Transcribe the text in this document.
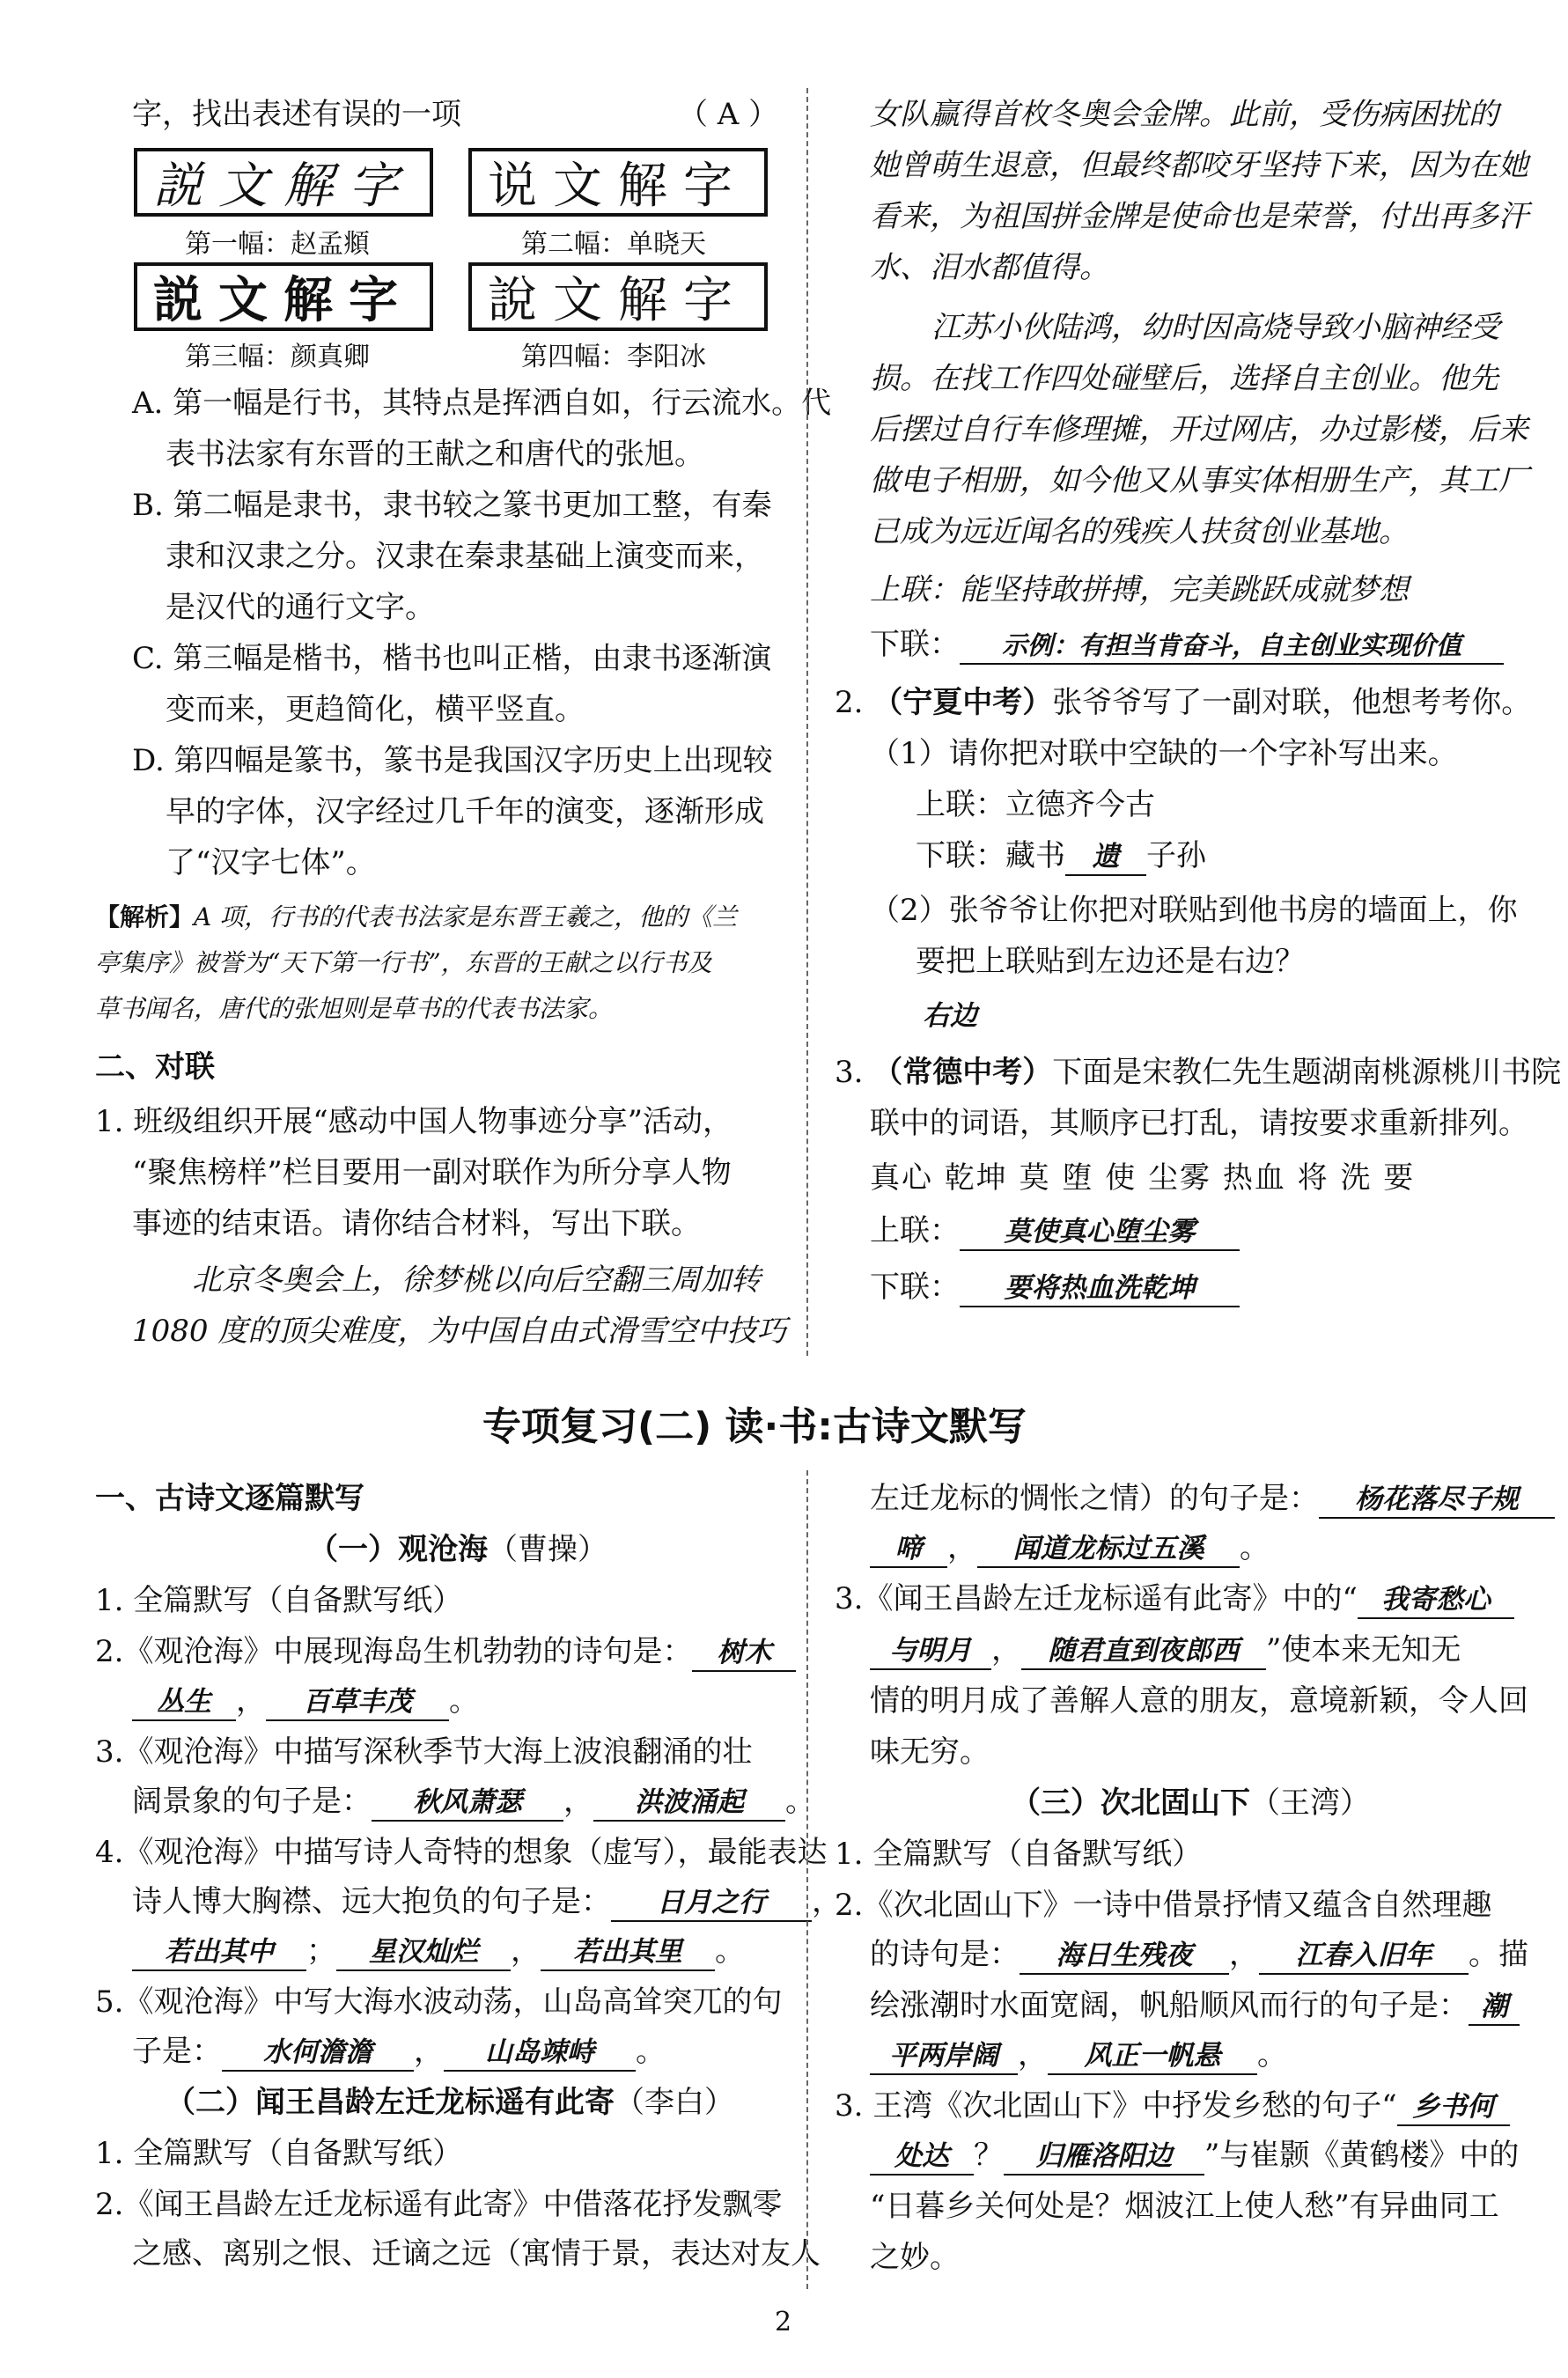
字，找出表述有误的一项	（ A ）
説文解字
第一幅：赵孟頫
说文解字
第二幅：单晓天
説文解字
第三幅：颜真卿
說文解字
第四幅：李阳冰
A. 第一幅是行书，其特点是挥洒自如，行云流水。代
表书法家有东晋的王献之和唐代的张旭。
B. 第二幅是隶书，隶书较之篆书更加工整，有秦
隶和汉隶之分。汉隶在秦隶基础上演变而来，
是汉代的通行文字。
C. 第三幅是楷书，楷书也叫正楷，由隶书逐渐演
变而来，更趋简化，横平竖直。
D. 第四幅是篆书，篆书是我国汉字历史上出现较
早的字体，汉字经过几千年的演变，逐渐形成
了“汉字七体”。
【解析】A 项，行书的代表书法家是东晋王羲之，他的《兰
亭集序》被誉为“天下第一行书”，东晋的王献之以行书及
草书闻名，唐代的张旭则是草书的代表书法家。
二、对联
1. 班级组织开展“感动中国人物事迹分享”活动，
“聚焦榜样”栏目要用一副对联作为所分享人物
事迹的结束语。请你结合材料，写出下联。
北京冬奥会上，徐梦桃以向后空翻三周加转
1080 度的顶尖难度，为中国自由式滑雪空中技巧
女队赢得首枚冬奥会金牌。此前，受伤病困扰的
她曾萌生退意，但最终都咬牙坚持下来，因为在她
看来，为祖国拼金牌是使命也是荣誉，付出再多汗
水、泪水都值得。
江苏小伙陆鸿，幼时因高烧导致小脑神经受
损。在找工作四处碰壁后，选择自主创业。他先
后摆过自行车修理摊，开过网店，办过影楼，后来
做电子相册，如今他又从事实体相册生产，其工厂
已成为远近闻名的残疾人扶贫创业基地。
上联：能坚持敢拼搏，完美跳跃成就梦想
下联： 示例：有担当肯奋斗，自主创业实现价值
2. （宁夏中考）张爷爷写了一副对联，他想考考你。
（1）请你把对联中空缺的一个字补写出来。
上联：立德齐今古
下联：藏书 遗 子孙
（2）张爷爷让你把对联贴到他书房的墙面上，你
要把上联贴到左边还是右边？
右边
3. （常德中考）下面是宋教仁先生题湖南桃源桃川书院
联中的词语，其顺序已打乱，请按要求重新排列。
真心 乾坤 莫 堕 使 尘雾 热血 将 洗 要
上联： 莫使真心堕尘雾
下联： 要将热血洗乾坤
专项复习(二) 读·书:古诗文默写
一、古诗文逐篇默写
（一）观沧海（曹操）
1. 全篇默写（自备默写纸）
2.《观沧海》中展现海岛生机勃勃的诗句是： 树木
丛生 ， 百草丰茂 。
3.《观沧海》中描写深秋季节大海上波浪翻涌的壮
阔景象的句子是： 秋风萧瑟 ， 洪波涌起 。
4.《观沧海》中描写诗人奇特的想象（虚写），最能表达
诗人博大胸襟、远大抱负的句子是： 日月之行 ，
若出其中 ； 星汉灿烂 ， 若出其里 。
5.《观沧海》中写大海水波动荡，山岛高耸突兀的句
子是： 水何澹澹 ， 山岛竦峙 。
（二）闻王昌龄左迁龙标遥有此寄（李白）
1. 全篇默写（自备默写纸）
2.《闻王昌龄左迁龙标遥有此寄》中借落花抒发飘零
之感、离别之恨、迁谪之远（寓情于景，表达对友人
左迁龙标的惆怅之情）的句子是： 杨花落尽子规
啼 ， 闻道龙标过五溪 。
3.《闻王昌龄左迁龙标遥有此寄》中的“ 我寄愁心
与明月 ， 随君直到夜郎西 ”使本来无知无
情的明月成了善解人意的朋友，意境新颖，令人回
味无穷。
（三）次北固山下（王湾）
1. 全篇默写（自备默写纸）
2.《次北固山下》一诗中借景抒情又蕴含自然理趣
的诗句是： 海日生残夜 ， 江春入旧年 。描
绘涨潮时水面宽阔，帆船顺风而行的句子是： 潮
平两岸阔 ， 风正一帆悬 。
3. 王湾《次北固山下》中抒发乡愁的句子“ 乡书何
处达 ？ 归雁洛阳边 ”与崔颢《黄鹤楼》中的
“日暮乡关何处是？烟波江上使人愁”有异曲同工
之妙。
2
